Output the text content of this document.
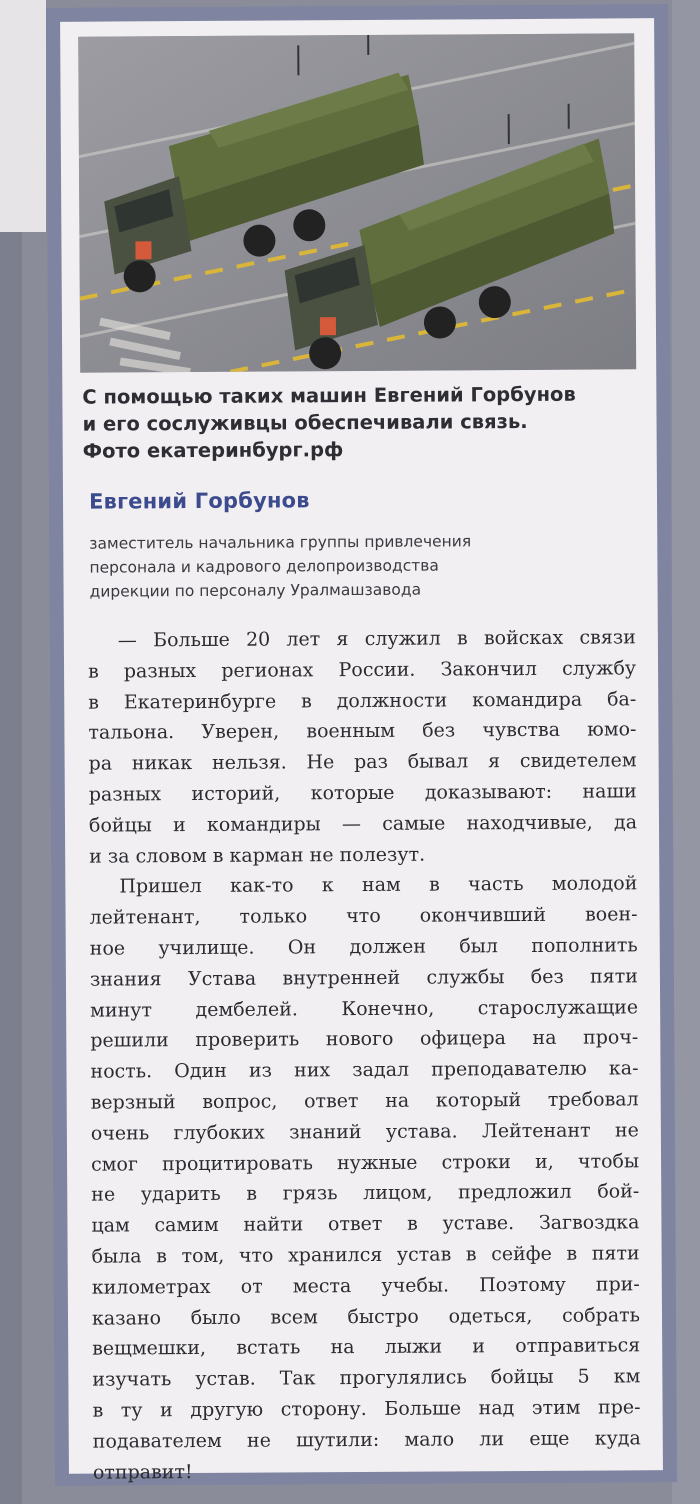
С помощью таких машин Евгений Горбунов
и его сослуживцы обеспечивали связь.
Фото екатеринбург.рф
Евгений Горбунов
заместитель начальника группы привлечения
персонала и кадрового делопроизводства
дирекции по персоналу Уралмашзавода
— Больше 20 лет я служил в войсках связи
в разных регионах России. Закончил службу
в Екатеринбурге в должности командира ба-
тальона. Уверен, военным без чувства юмо-
ра никак нельзя. Не раз бывал я свидетелем
разных историй, которые доказывают: наши
бойцы и командиры — самые находчивые, да
и за словом в карман не полезут.
Пришел как-то к нам в часть молодой
лейтенант, только что окончивший воен-
ное училище. Он должен был пополнить
знания Устава внутренней службы без пяти
минут дембелей. Конечно, старослужащие
решили проверить нового офицера на проч-
ность. Один из них задал преподавателю ка-
верзный вопрос, ответ на который требовал
очень глубоких знаний устава. Лейтенант не
смог процитировать нужные строки и, чтобы
не ударить в грязь лицом, предложил бой-
цам самим найти ответ в уставе. Загвоздка
была в том, что хранился устав в сейфе в пяти
километрах от места учебы. Поэтому при-
казано было всем быстро одеться, собрать
вещмешки, встать на лыжи и отправиться
изучать устав. Так прогулялись бойцы 5 км
в ту и другую сторону. Больше над этим пре-
подавателем не шутили: мало ли еще куда
отправит!
